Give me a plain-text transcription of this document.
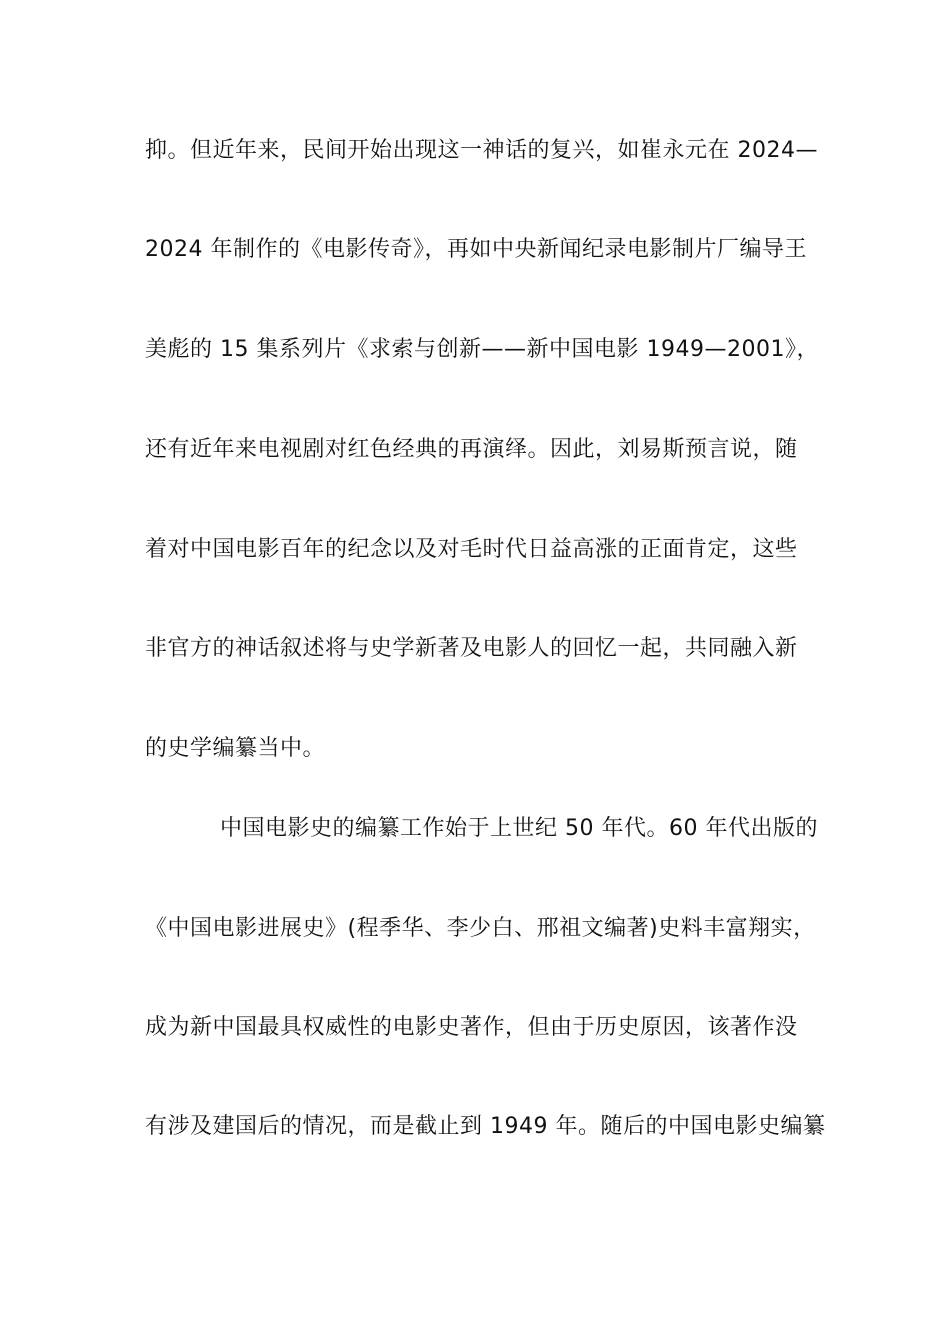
抑。但近年来，民间开始出现这一神话的复兴，如崔永元在 2024—
2024 年制作的《电影传奇》，再如中央新闻纪录电影制片厂编导王
美彪的 15 集系列片《求索与创新——新中国电影 1949—2001》，
还有近年来电视剧对红色经典的再演绎。因此，刘易斯预言说，随
着对中国电影百年的纪念以及对毛时代日益高涨的正面肯定，这些
非官方的神话叙述将与史学新著及电影人的回忆一起，共同融入新
的史学编纂当中。
中国电影史的编纂工作始于上世纪 50 年代。60 年代出版的
《中国电影进展史》(程季华、李少白、邢祖文编著)史料丰富翔实，
成为新中国最具权威性的电影史著作，但由于历史原因，该著作没
有涉及建国后的情况，而是截止到 1949 年。随后的中国电影史编纂
